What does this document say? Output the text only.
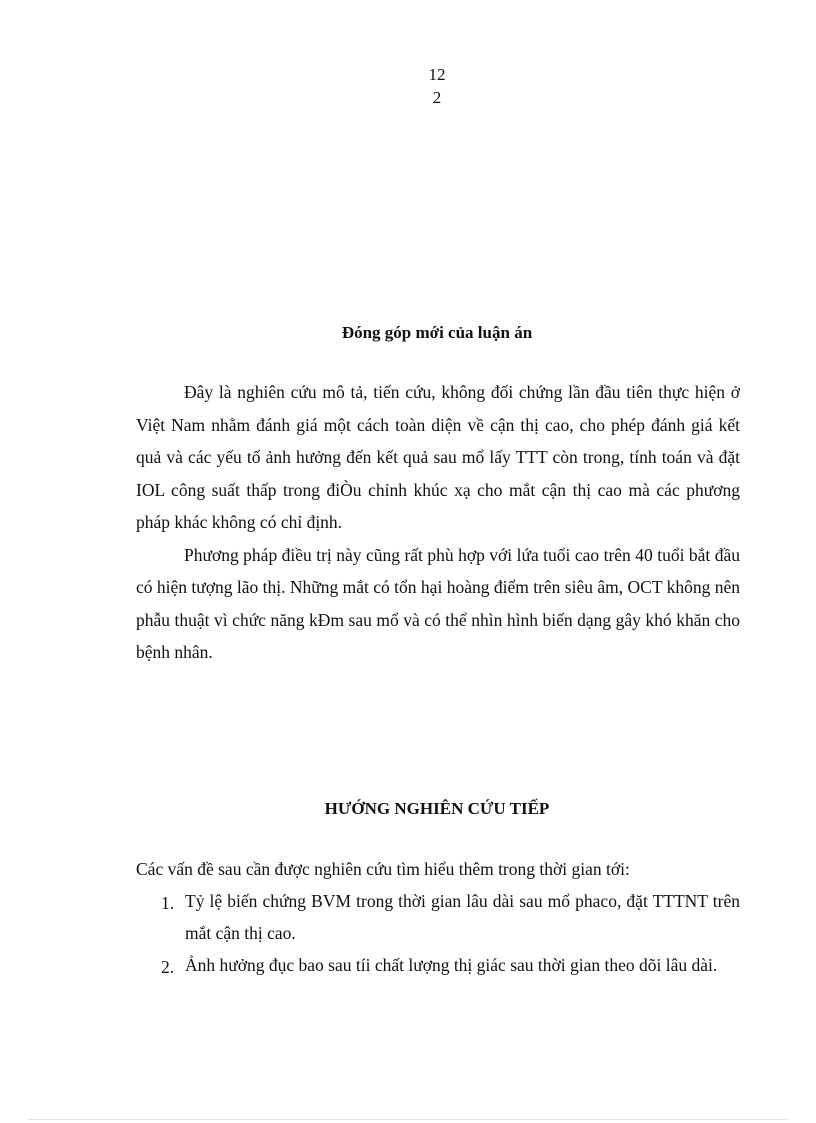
12
2
Đóng góp mới của luận án

Đây là nghiên cứu mô tả, tiến cứu, không đối chứng lần đầu tiên thực hiện ở Việt Nam nhằm đánh giá một cách toàn diện về cận thị cao, cho phép đánh giá kết quả và các yếu tố ảnh hưởng đến kết quả sau mổ lấy TTT còn trong, tính toán và đặt IOL công suất thấp trong điÒu chỉnh khúc xạ cho mắt cận thị cao mà các phương pháp khác không có chỉ định.

Phương pháp điều trị này cũng rất phù hợp với lứa tuổi cao trên 40 tuổi bắt đầu có hiện tượng lão thị. Những mắt có tổn hại hoàng điểm trên siêu âm, OCT không nên phẫu thuật vì chức năng kÐm sau mổ và có thể nhìn hình biến dạng gây khó khăn cho bệnh nhân.

HƯỚNG NGHIÊN CỨU TIẾP
Các vấn đề sau cần được nghiên cứu tìm hiểu thêm trong thời gian tới:
1. Tỷ lệ biến chứng BVM trong thời gian lâu dài sau mổ phaco, đặt TTTNT trên mắt cận thị cao.
2. Ảnh hưởng đục bao sau tíi chất lượng thị giác sau thời gian theo dõi lâu dài.
